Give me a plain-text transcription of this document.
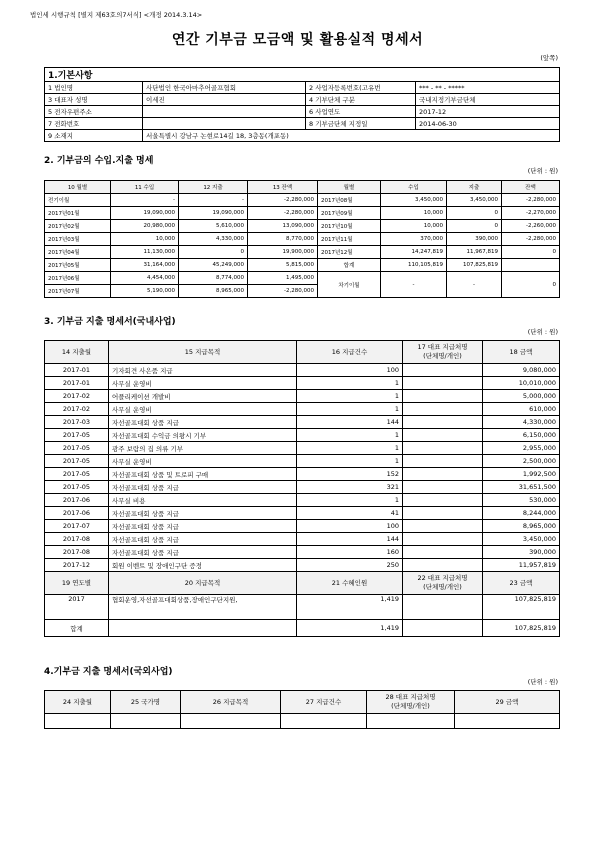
법인세 시행규칙 [별지 제63호의7서식] <개정 2014.3.14>
연간 기부금 모금액 및 활용실적 명세서
(앞쪽)
1.기본사항			
1 법인명	사단법인 한국아마추어골프협회	2 사업자등록번호(고유번	*** - ** - *****
3 대표자 성명	이세진	4 기부단체 구분	국내지정기부금단체
5 전자우편주소		6 사업연도	2017-12
7 전화번호		8 기부금단체 지정일	2014-06-30
9 소재지	서울특별시 강남구 논현로14길 18, 3층동(개포동)		
2. 기부금의 수입.지출 명세
(단위 : 원)
10 월별	11 수입	12 지출	13 잔액	월별	수입	지출	잔액
전기이월	-	-	-2,280,000	2017년08월	3,450,000	3,450,000	-2,280,000
2017년01월	19,090,000	19,090,000	-2,280,000	2017년09월	10,000	0	-2,270,000
2017년02월	20,980,000	5,610,000	13,090,000	2017년10월	10,000	0	-2,260,000
2017년03월	10,000	4,330,000	8,770,000	2017년11월	370,000	390,000	-2,280,000
2017년04월	11,130,000	0	19,900,000	2017년12월	14,247,819	11,967,819	0
2017년05월	31,164,000	45,249,000	5,815,000	합계	110,105,819	107,825,819	
2017년06월	4,454,000	8,774,000	1,495,000	차기이월	-	-	0
2017년07월	5,190,000	8,965,000	-2,280,000				
3. 기부금 지출 명세서(국내사업)
(단위 : 원)
14 지출월	15 지급목적	16 지급건수	17 대표 지급처명
(단체명/개인)	18 금액
2017-01	기자회견 사은품 지급	100		9,080,000
2017-01	사무실 운영비	1		10,010,000
2017-02	어플리케이션 개발비	1		5,000,000
2017-02	사무실 운영비	1		610,000
2017-03	자선골프대회 상품 지급	144		4,330,000
2017-05	자선골프대회 수익금 의왕시 기부	1		6,150,000
2017-05	광주 보람의 집 의류 기부	1		2,955,000
2017-05	사무실 운영비	1		2,500,000
2017-05	자선골프대회 상품 및 트로피 구매	152		1,992,500
2017-05	자선골프대회 상품 지급	321		31,651,500
2017-06	사무실 비용	1		530,000
2017-06	자선골프대회 상품 지급	41		8,244,000
2017-07	자선골프대회 상품 지급	100		8,965,000
2017-08	자선골프대회 상품 지급	144		3,450,000
2017-08	자선골프대회 상품 지급	160		390,000
2017-12	회원 이벤트 및 장애인구단 증정	250		11,957,819
19 연도별	20 지급목적	21 수혜인원	22 대표 지급처명
(단체명/개인)	23 금액
2017	협회운영,자선골프대회상품,장애인구단지원,	1,419		107,825,819
합계		1,419		107,825,819
4.기부금 지출 명세서(국외사업)
(단위 : 원)
24 지출월	25 국가명	26 지급목적	27 지급건수	28 대표 지급처명
(단체명/개인)	29 금액
